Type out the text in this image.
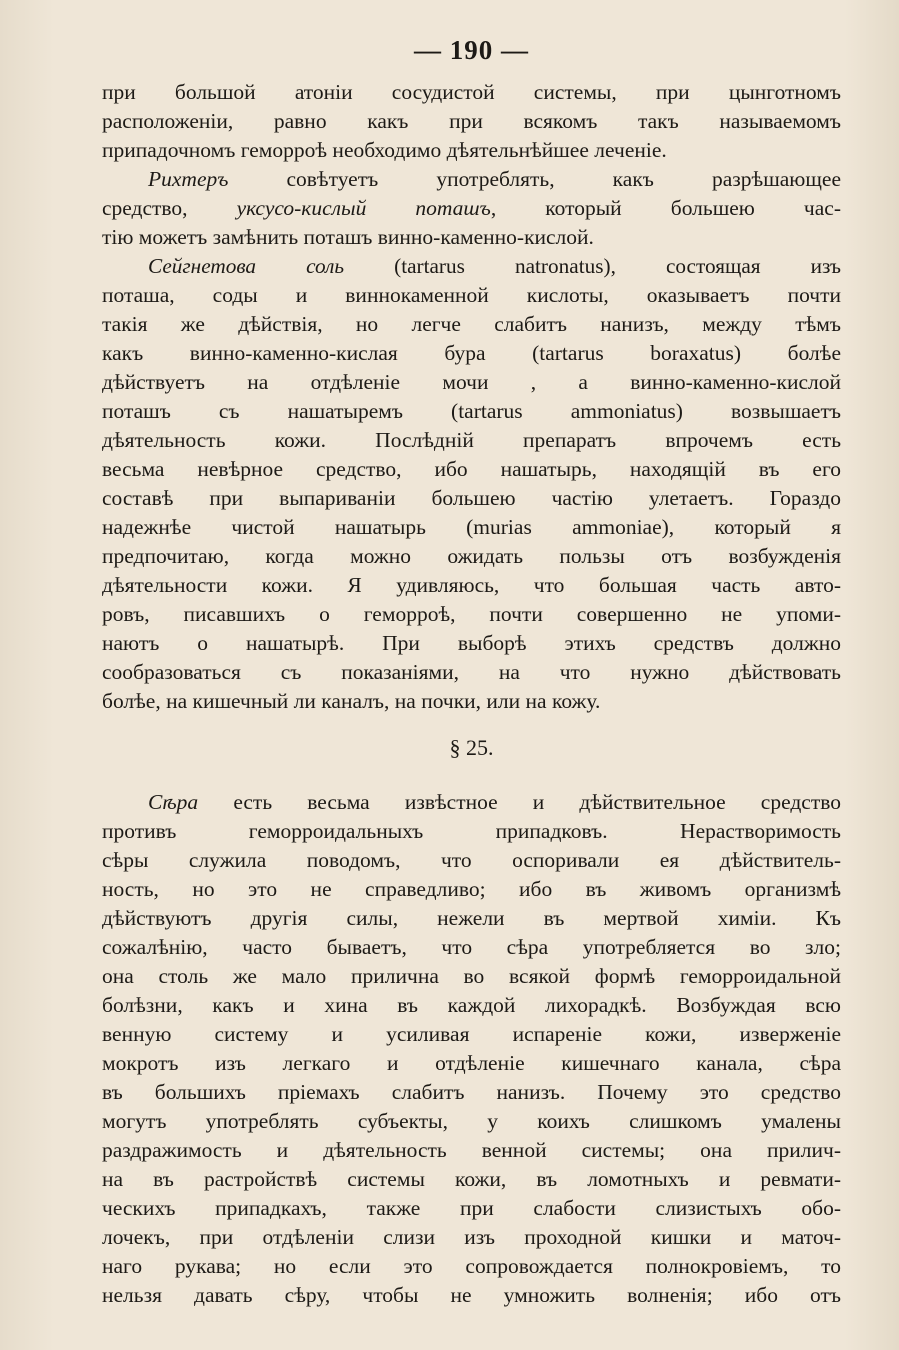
— 190 —
при большой атоніи сосудистой системы, при цынготномъ
расположеніи, равно какъ при всякомъ такъ называемомъ
припадочномъ геморроѣ необходимо дѣятельнѣйшее леченіе.
Рихтеръ совѣтуетъ употреблять, какъ разрѣшающее
средство, уксусо-кислый поташъ, который большею час-
тію можетъ замѣнить поташъ винно-каменно-кислой.
Сейгнетова соль (tartarus natronatus), состоящая изъ
поташа, соды и виннокаменной кислоты, оказываетъ почти
такія же дѣйствія, но легче слабитъ нанизъ, между тѣмъ
какъ винно-каменно-кислая бура (tartarus boraxatus) болѣе
дѣйствуетъ на отдѣленіе мочи , а винно-каменно-кислой
поташъ съ нашатыремъ (tartarus ammoniatus) возвышаетъ
дѣятельность кожи. Послѣдній препаратъ впрочемъ есть
весьма невѣрное средство, ибо нашатырь, находящій въ его
составѣ при выпариваніи большею частію улетаетъ. Гораздо
надежнѣе чистой нашатырь (murias ammoniae), который я
предпочитаю, когда можно ожидать пользы отъ возбужденія
дѣятельности кожи. Я удивляюсь, что большая часть авто-
ровъ, писавшихъ о геморроѣ, почти совершенно не упоми-
наютъ о нашатырѣ. При выборѣ этихъ средствъ должно
сообразоваться съ показаніями, на что нужно дѣйствовать
болѣе, на кишечный ли каналъ, на почки, или на кожу.
§ 25.
Сѣра есть весьма извѣстное и дѣйствительное средство
противъ геморроидальныхъ припадковъ. Нерастворимость
сѣры служила поводомъ, что оспоривали ея дѣйствитель-
ность, но это не справедливо; ибо въ живомъ организмѣ
дѣйствуютъ другія силы, нежели въ мертвой химіи. Къ
сожалѣнію, часто бываетъ, что сѣра употребляется во зло;
она столь же мало прилична во всякой формѣ геморроидальной
болѣзни, какъ и хина въ каждой лихорадкѣ. Возбуждая всю
венную систему и усиливая испареніе кожи, изверженіе
мокротъ изъ легкаго и отдѣленіе кишечнаго канала, сѣра
въ большихъ пріемахъ слабитъ нанизъ. Почему это средство
могутъ употреблять субъекты, у коихъ слишкомъ умалены
раздражимость и дѣятельность венной системы; она прилич-
на въ растройствѣ системы кожи, въ ломотныхъ и ревмати-
ческихъ припадкахъ, также при слабости слизистыхъ обо-
лочекъ, при отдѣленіи слизи изъ проходной кишки и маточ-
наго рукава; но если это сопровождается полнокровіемъ, то
нельзя давать сѣру, чтобы не умножить волненія; ибо отъ
